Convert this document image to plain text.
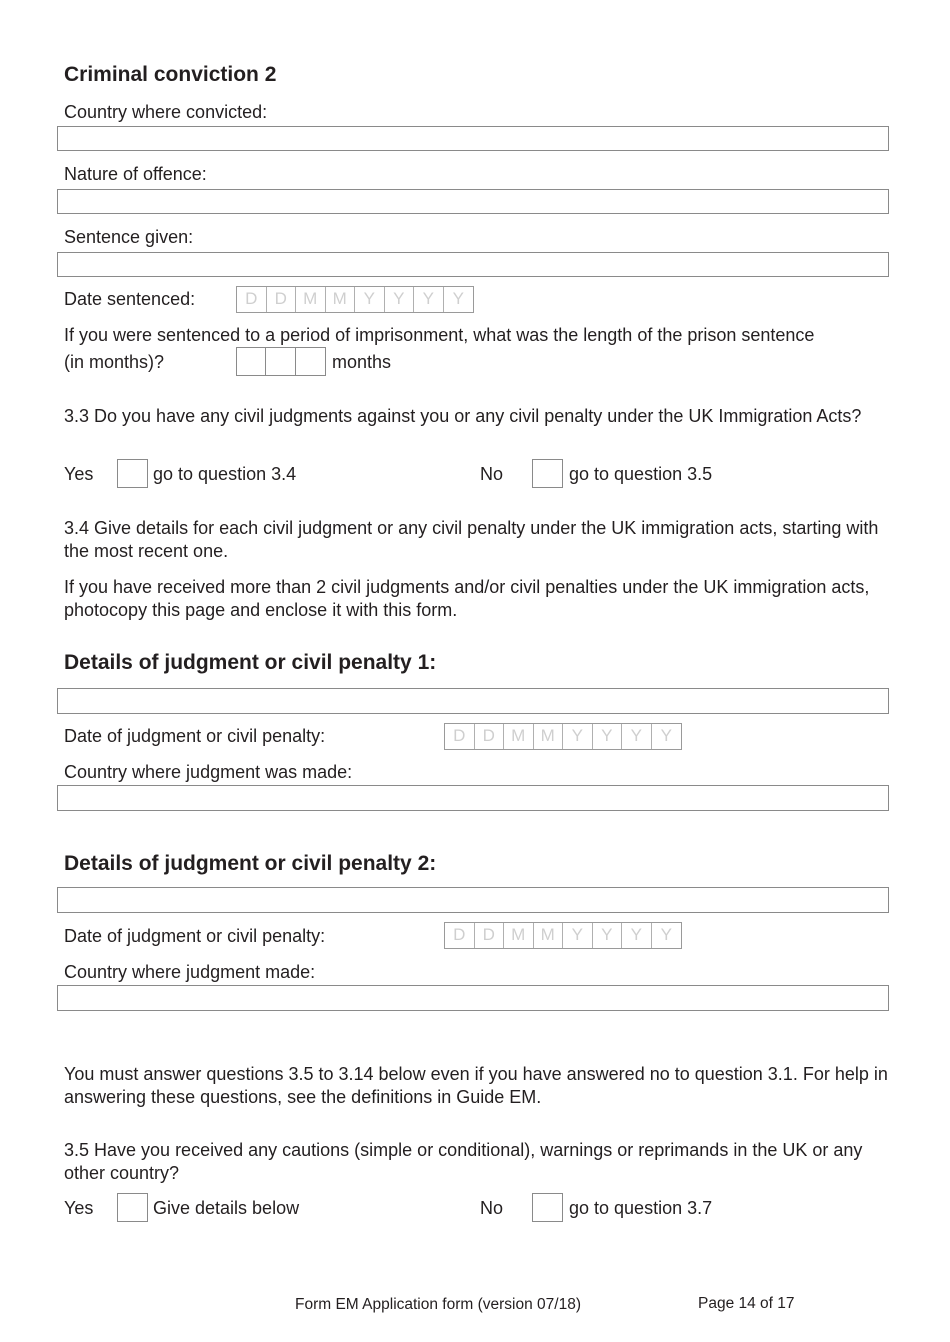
Criminal conviction 2
Country where convicted:
Nature of offence:
Sentence given:
Date sentenced:	D	D M M Y	Y	Y	Y
If you were sentenced to a period of imprisonment, what was the length of the prison sentence
(in months)?	months
3.3 Do you have any civil judgments against you or any civil penalty under the UK Immigration Acts?
Yes	go to question 3.4	No	go to question 3.5
3.4 Give details for each civil judgment or any civil penalty under the UK immigration acts, starting with the most recent one.
If you have received more than 2 civil judgments and/or civil penalties under the UK immigration acts, photocopy this page and enclose it with this form.
Details of judgment or civil penalty 1:
Date of judgment or civil penalty:	D	D M M Y	Y	Y	Y
Country where judgment was made:
Details of judgment or civil penalty 2:
Date of judgment or civil penalty:	D	D M M Y	Y	Y	Y
Country where judgment made:
You must answer questions 3.5 to 3.14 below even if you have answered no to question 3.1. For help in answering these questions, see the definitions in Guide EM.
3.5 Have you received any cautions (simple or conditional), warnings or reprimands in the UK or any other country?
Yes	Give details below	No	go to question 3.7
Form EM Application form (version 07/18)	Page 14 of 17
